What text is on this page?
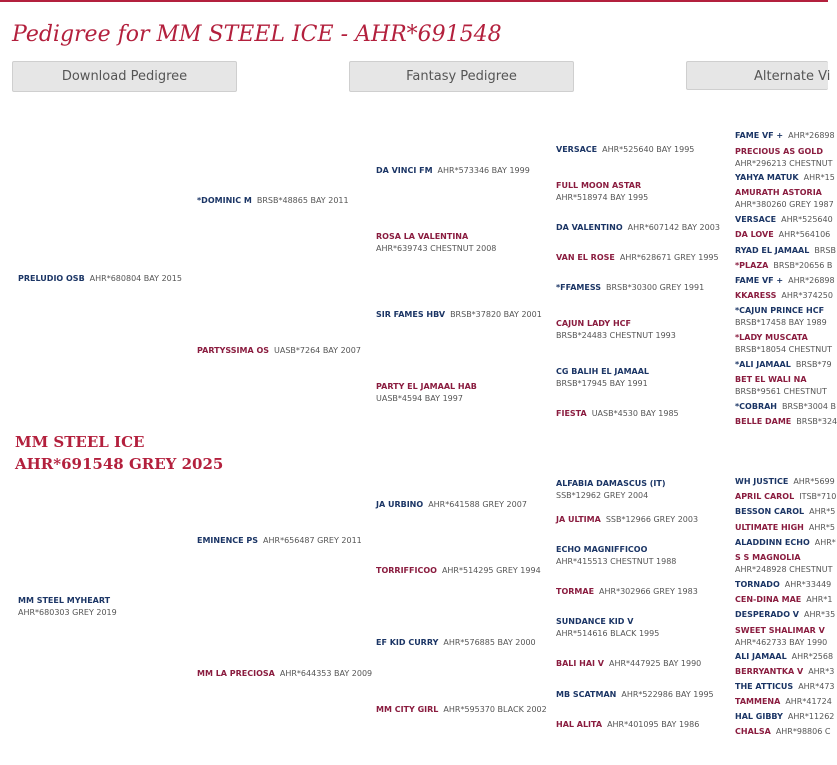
Pedigree for MM STEEL ICE - AHR*691548
Download Pedigree	Fantasy Pedigree	Alternate Vi
MM STEEL ICE
AHR*691548 GREY 2025
PRELUDIO OSB AHR*680804 BAY 2015
MM STEEL MYHEART
AHR*680303 GREY 2019
*DOMINIC M BRSB*48865 BAY 2011
PARTYSSIMA OS UASB*7264 BAY 2007
EMINENCE PS AHR*656487 GREY 2011
MM LA PRECIOSA AHR*644353 BAY 2009
DA VINCI FM AHR*573346 BAY 1999
ROSA LA VALENTINA
AHR*639743 CHESTNUT 2008
SIR FAMES HBV BRSB*37820 BAY 2001
PARTY EL JAMAAL HAB
UASB*4594 BAY 1997
JA URBINO AHR*641588 GREY 2007
TORRIFFICOO AHR*514295 GREY 1994
EF KID CURRY AHR*576885 BAY 2000
MM CITY GIRL AHR*595370 BLACK 2002
VERSACE AHR*525640 BAY 1995
FULL MOON ASTAR
AHR*518974 BAY 1995
DA VALENTINO AHR*607142 BAY 2003
VAN EL ROSE AHR*628671 GREY 1995
*FFAMESS BRSB*30300 GREY 1991
CAJUN LADY HCF
BRSB*24483 CHESTNUT 1993
CG BALIH EL JAMAAL
BRSB*17945 BAY 1991
FIESTA UASB*4530 BAY 1985
ALFABIA DAMASCUS (IT)
SSB*12962 GREY 2004
JA ULTIMA SSB*12966 GREY 2003
ECHO MAGNIFFICOO
AHR*415513 CHESTNUT 1988
TORMAE AHR*302966 GREY 1983
SUNDANCE KID V
AHR*514616 BLACK 1995
BALI HAI V AHR*447925 BAY 1990
MB SCATMAN AHR*522986 BAY 1995
HAL ALITA AHR*401095 BAY 1986
FAME VF + AHR*26898
PRECIOUS AS GOLD
AHR*296213 CHESTNUT
YAHYA MATUK AHR*15
AMURATH ASTORIA
AHR*380260 GREY 1987
VERSACE AHR*525640
DA LOVE AHR*564106
RYAD EL JAMAAL BRSB
*PLAZA BRSB*20656 B
FAME VF + AHR*26898
KKARESS AHR*374250
*CAJUN PRINCE HCF
BRSB*17458 BAY 1989
*LADY MUSCATA
BRSB*18054 CHESTNUT
*ALI JAMAAL BRSB*79
BET EL WALI NA
BRSB*9561 CHESTNUT
*COBRAH BRSB*3004 B
BELLE DAME BRSB*324
WH JUSTICE AHR*5699
APRIL CAROL ITSB*710
BESSON CAROL AHR*5
ULTIMATE HIGH AHR*5
ALADDINN ECHO AHR*
S S MAGNOLIA
AHR*248928 CHESTNUT
TORNADO AHR*33449
CEN-DINA MAE AHR*1
DESPERADO V AHR*35
SWEET SHALIMAR V
AHR*462733 BAY 1990
ALI JAMAAL AHR*2568
BERRYANTKA V AHR*3
THE ATTICUS AHR*473
TAMMENA AHR*41724
HAL GIBBY AHR*11262
CHALSA AHR*98806 C
